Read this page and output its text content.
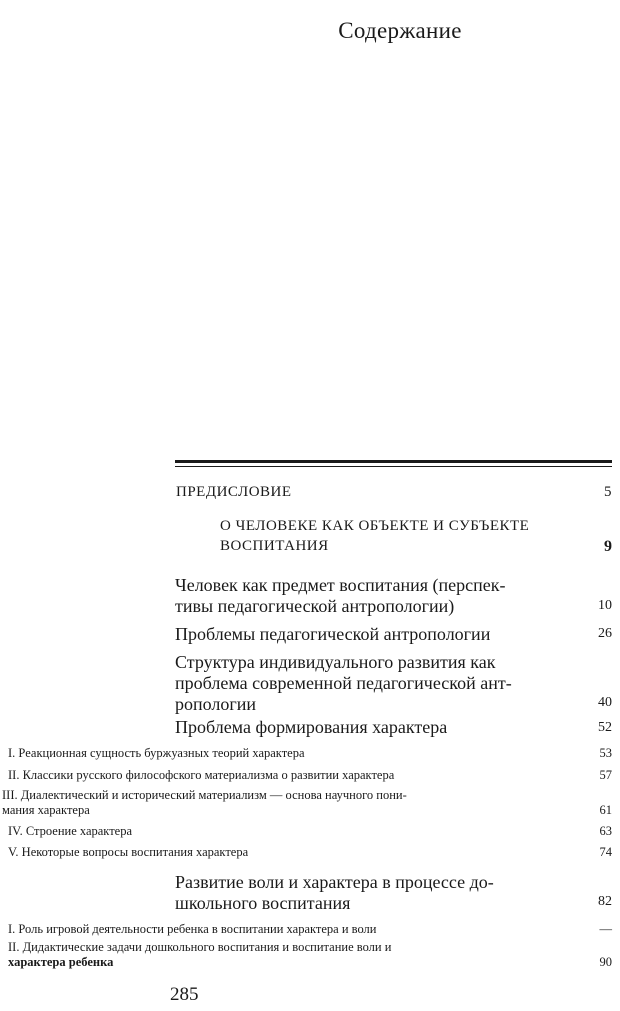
Содержание
ПРЕДИСЛОВИЕ	5
О ЧЕЛОВЕКЕ КАК ОБЪЕКТЕ И СУБЪЕКТЕ
ВОСПИТАНИЯ	9
Человек как предмет воспитания (перспек-
тивы педагогической антропологии)	10
Проблемы педагогической антропологии	26
Структура индивидуального развития как
проблема современной педагогической ант-
ропологии	40
Проблема формирования характера	52
I. Реакционная сущность буржуазных теорий характера	53
II. Классики русского философского материализма о развитии характера	57
III. Диалектический и исторический материализм — основа научного пони-
мания характера	61
IV. Строение характера	63
V. Некоторые вопросы воспитания характера	74
Развитие воли и характера в процессе до-
школьного воспитания	82
I. Роль игровой деятельности ребенка в воспитании характера и воли	—
II. Дидактические задачи дошкольного воспитания и воспитание воли и
характера ребенка	90
285
